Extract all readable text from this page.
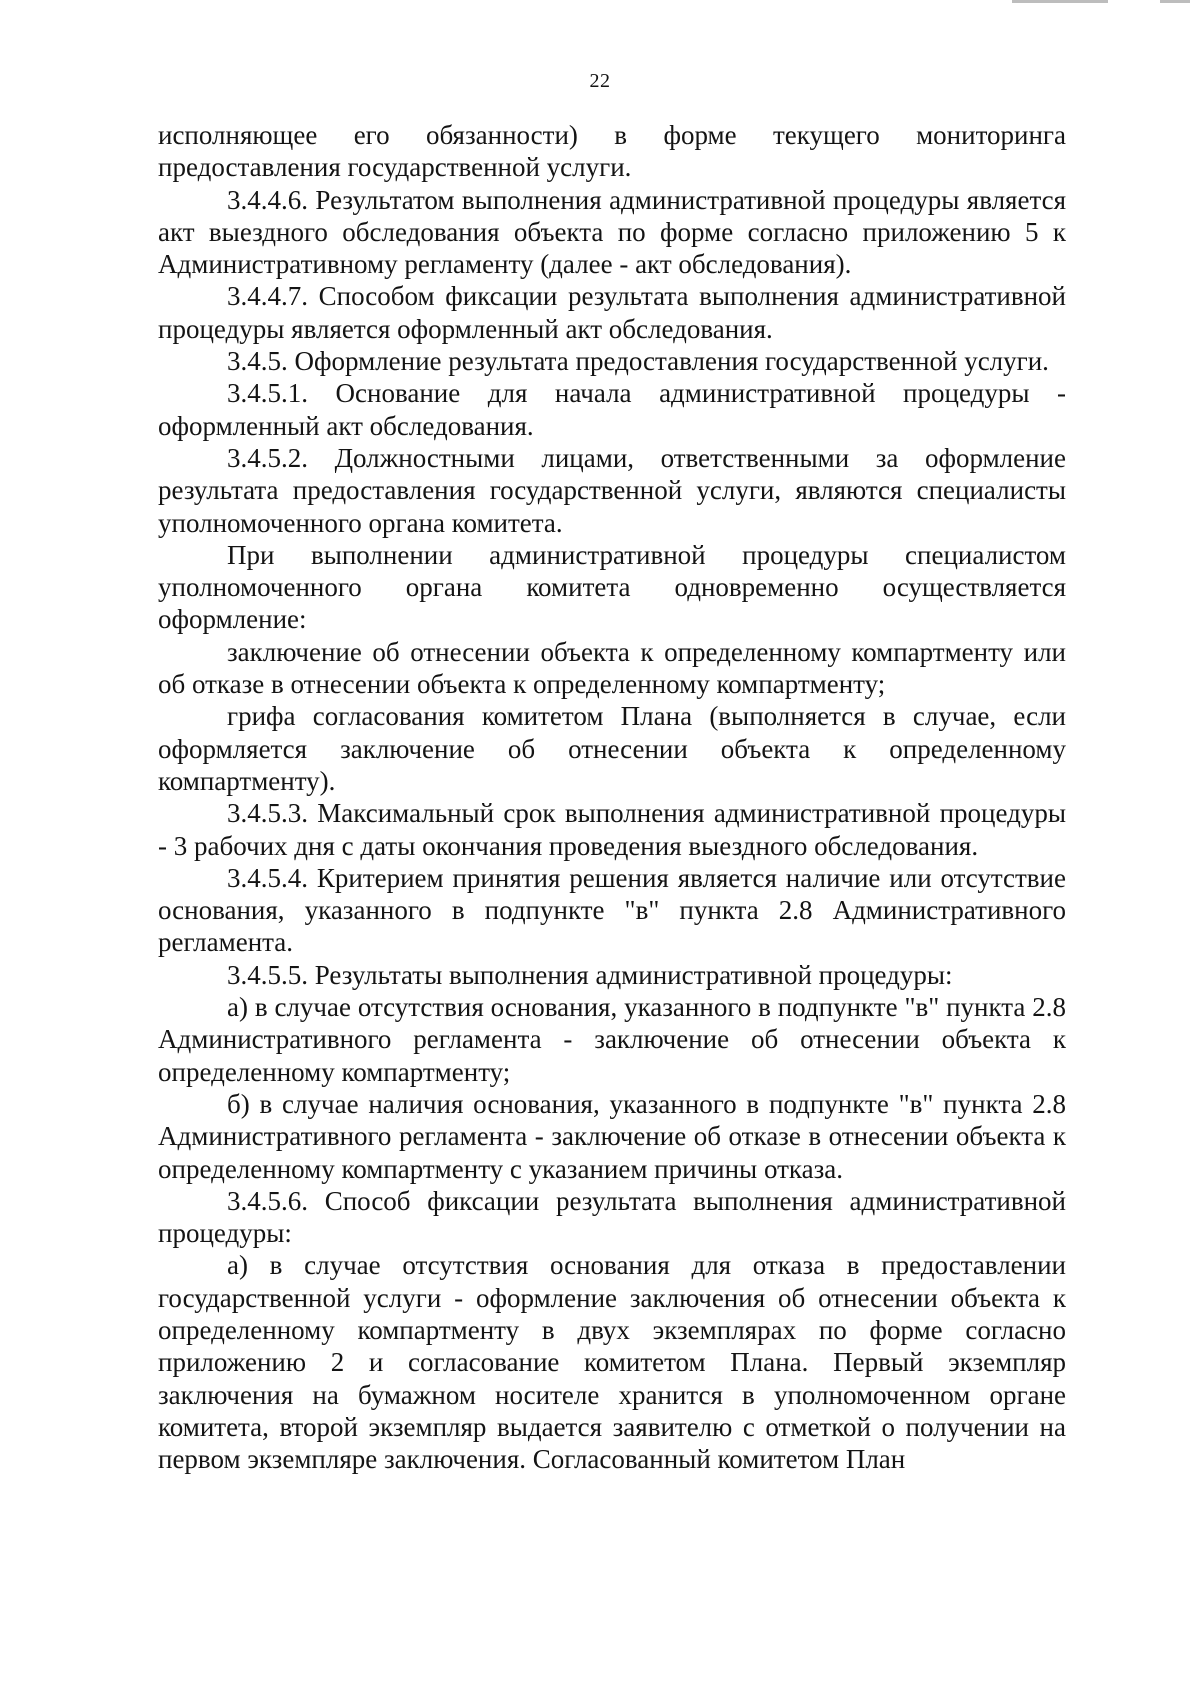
22

исполняющее его обязанности) в форме текущего мониторинга предоставления государственной услуги.

3.4.4.6. Результатом выполнения административной процедуры является акт выездного обследования объекта по форме согласно приложению 5 к Административному регламенту (далее - акт обследования).

3.4.4.7. Способом фиксации результата выполнения административной процедуры является оформленный акт обследования.

3.4.5. Оформление результата предоставления государственной услуги.

3.4.5.1. Основание для начала административной процедуры - оформленный акт обследования.

3.4.5.2. Должностными лицами, ответственными за оформление результата предоставления государственной услуги, являются специалисты уполномоченного органа комитета.

При выполнении административной процедуры специалистом уполномоченного органа комитета одновременно осуществляется оформление:

заключение об отнесении объекта к определенному компартменту или об отказе в отнесении объекта к определенному компартменту;

грифа согласования комитетом Плана (выполняется в случае, если оформляется заключение об отнесении объекта к определенному компартменту).

3.4.5.3. Максимальный срок выполнения административной процедуры - 3 рабочих дня с даты окончания проведения выездного обследования.

3.4.5.4. Критерием принятия решения является наличие или отсутствие основания, указанного в подпункте "в" пункта 2.8 Административного регламента.

3.4.5.5. Результаты выполнения административной процедуры:

а) в случае отсутствия основания, указанного в подпункте "в" пункта 2.8 Административного регламента - заключение об отнесении объекта к определенному компартменту;

б) в случае наличия основания, указанного в подпункте "в" пункта 2.8 Административного регламента - заключение об отказе в отнесении объекта к определенному компартменту с указанием причины отказа.

3.4.5.6. Способ фиксации результата выполнения административной процедуры:

а) в случае отсутствия основания для отказа в предоставлении государственной услуги - оформление заключения об отнесении объекта к определенному компартменту в двух экземплярах по форме согласно приложению 2 и согласование комитетом Плана. Первый экземпляр заключения на бумажном носителе хранится в уполномоченном органе комитета, второй экземпляр выдается заявителю с отметкой о получении на первом экземпляре заключения. Согласованный комитетом План
